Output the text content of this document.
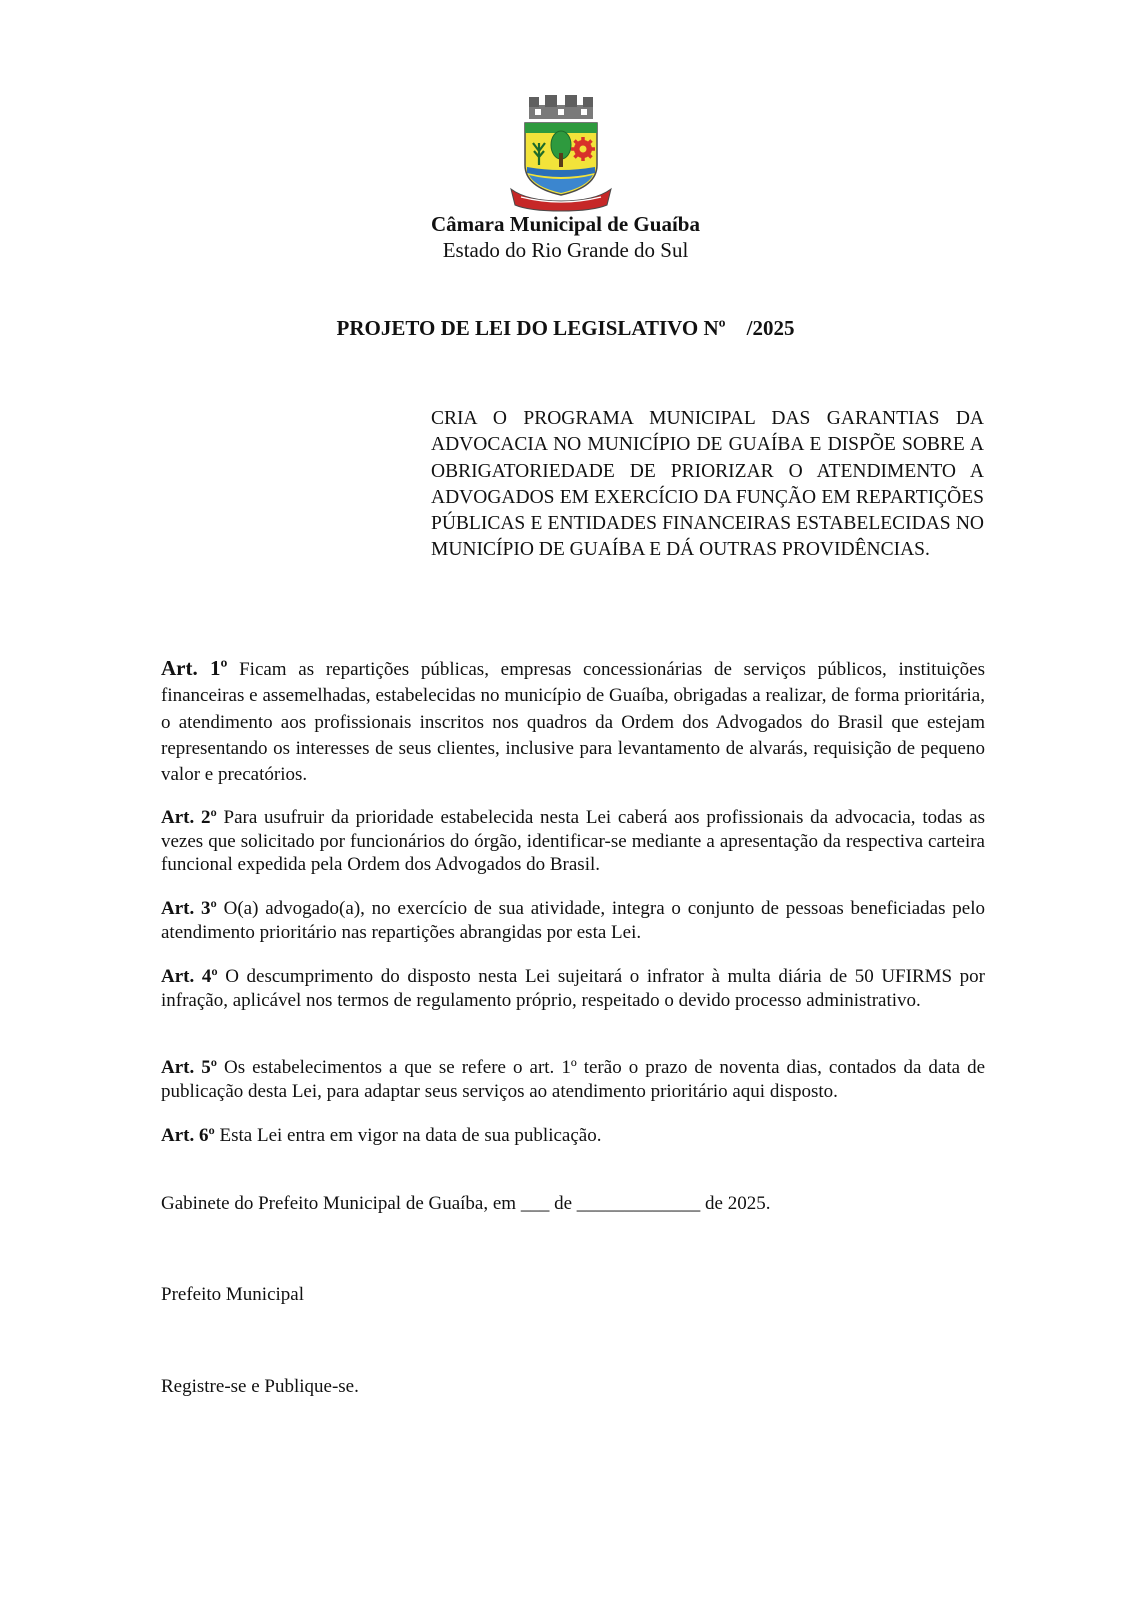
Câmara Municipal de Guaíba
Estado do Rio Grande do Sul
PROJETO DE LEI DO LEGISLATIVO Nº    /2025

CRIA O PROGRAMA MUNICIPAL DAS GARANTIAS DA ADVOCACIA NO MUNICÍPIO DE GUAÍBA E DISPÕE SOBRE A OBRIGATORIEDADE DE PRIORIZAR O ATENDIMENTO A ADVOGADOS EM EXERCÍCIO DA FUNÇÃO EM REPARTIÇÕES PÚBLICAS E ENTIDADES FINANCEIRAS ESTABELECIDAS NO MUNICÍPIO DE GUAÍBA E DÁ OUTRAS PROVIDÊNCIAS.

Art. 1º Ficam as repartições públicas, empresas concessionárias de serviços públicos, instituições financeiras e assemelhadas, estabelecidas no município de Guaíba, obrigadas a realizar, de forma prioritária, o atendimento aos profissionais inscritos nos quadros da Ordem dos Advogados do Brasil que estejam representando os interesses de seus clientes, inclusive para levantamento de alvarás, requisição de pequeno valor e precatórios.

Art. 2º Para usufruir da prioridade estabelecida nesta Lei caberá aos profissionais da advocacia, todas as vezes que solicitado por funcionários do órgão, identificar-se mediante a apresentação da respectiva carteira funcional expedida pela Ordem dos Advogados do Brasil.

Art. 3º O(a) advogado(a), no exercício de sua atividade, integra o conjunto de pessoas beneficiadas pelo atendimento prioritário nas repartições abrangidas por esta Lei.

Art. 4º O descumprimento do disposto nesta Lei sujeitará o infrator à multa diária de 50 UFIRMS por infração, aplicável nos termos de regulamento próprio, respeitado o devido processo administrativo.

Art. 5º Os estabelecimentos a que se refere o art. 1º terão o prazo de noventa dias, contados da data de publicação desta Lei, para adaptar seus serviços ao atendimento prioritário aqui disposto.

Art. 6º Esta Lei entra em vigor na data de sua publicação.

Gabinete do Prefeito Municipal de Guaíba, em ___ de _____________ de 2025.

Prefeito Municipal

Registre-se e Publique-se.
